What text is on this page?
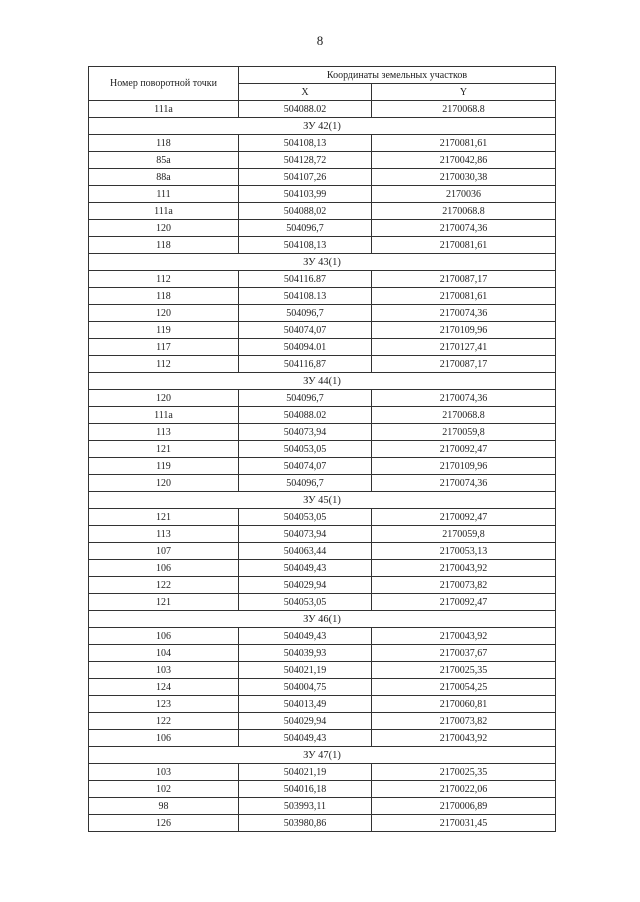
8
Номер поворотной точки	Координаты земельных участков	
	X	Y
111а	504088.02	2170068.8
ЗУ 42(1)		
118	504108,13	2170081,61
85а	504128,72	2170042,86
88а	504107,26	2170030,38
111	504103,99	2170036
111а	504088,02	2170068.8
120	504096,7	2170074,36
118	504108,13	2170081,61
ЗУ 43(1)		
112	504116.87	2170087,17
118	504108.13	2170081,61
120	504096,7	2170074,36
119	504074,07	2170109,96
117	504094.01	2170127,41
112	504116,87	2170087,17
ЗУ 44(1)		
120	504096,7	2170074,36
111а	504088.02	2170068.8
113	504073,94	2170059,8
121	504053,05	2170092,47
119	504074,07	2170109,96
120	504096,7	2170074,36
ЗУ 45(1)		
121	504053,05	2170092,47
113	504073,94	2170059,8
107	504063,44	2170053,13
106	504049,43	2170043,92
122	504029,94	2170073,82
121	504053,05	2170092,47
ЗУ 46(1)		
106	504049,43	2170043,92
104	504039,93	2170037,67
103	504021,19	2170025,35
124	504004,75	2170054,25
123	504013,49	2170060,81
122	504029,94	2170073,82
106	504049,43	2170043,92
ЗУ 47(1)		
103	504021,19	2170025,35
102	504016,18	2170022,06
98	503993,11	2170006,89
126	503980,86	2170031,45
